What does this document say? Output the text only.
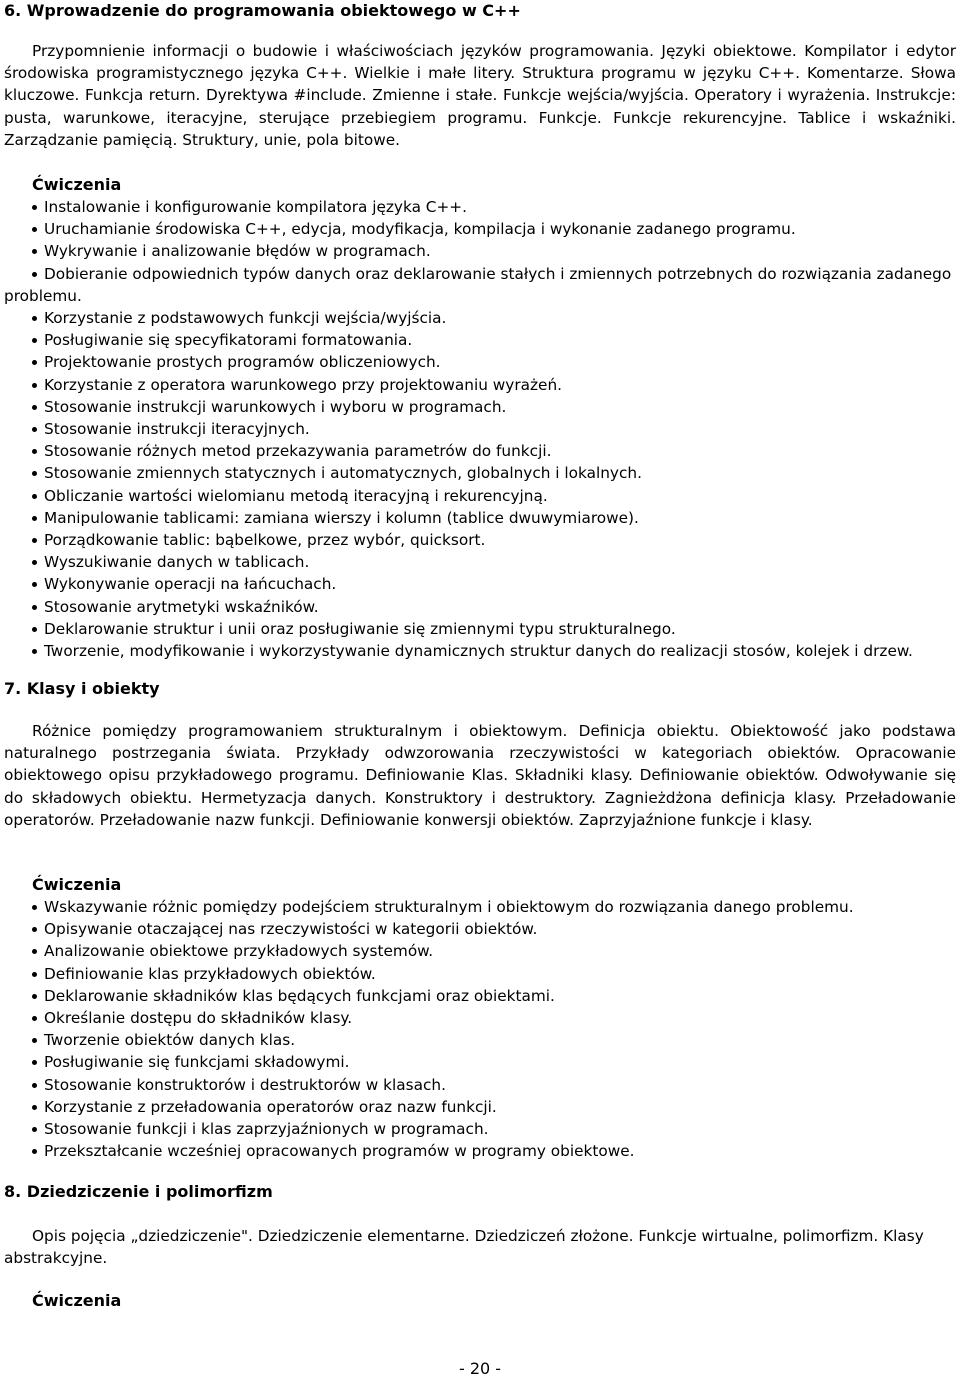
6. Wprowadzenie do programowania obiektowego w C++

Przypomnienie informacji o budowie i właściwościach języków programowania. Języki obiektowe. Kompilator i edytor środowiska programistycznego języka C++. Wielkie i małe litery. Struktura programu w języku C++. Komentarze. Słowa kluczowe. Funkcja return. Dyrektywa #include. Zmienne i stałe. Funkcje wejścia/wyjścia. Operatory i wyrażenia. Instrukcje: pusta, warunkowe, iteracyjne, sterujące przebiegiem programu. Funkcje. Funkcje rekurencyjne. Tablice i wskaźniki. Zarządzanie pamięcią. Struktury, unie, pola bitowe.

Ćwiczenia
Instalowanie i konfigurowanie kompilatora języka C++.
Uruchamianie środowiska C++, edycja, modyfikacja, kompilacja i wykonanie zadanego programu.
Wykrywanie i analizowanie błędów w programach.
Dobieranie odpowiednich typów danych oraz deklarowanie stałych i zmiennych potrzebnych do rozwiązania zadanego problemu.
Korzystanie z podstawowych funkcji wejścia/wyjścia.
Posługiwanie się specyfikatorami formatowania.
Projektowanie prostych programów obliczeniowych.
Korzystanie z operatora warunkowego przy projektowaniu wyrażeń.
Stosowanie instrukcji warunkowych i wyboru w programach.
Stosowanie instrukcji iteracyjnych.
Stosowanie różnych metod przekazywania parametrów do funkcji.
Stosowanie zmiennych statycznych i automatycznych, globalnych i lokalnych.
Obliczanie wartości wielomianu metodą iteracyjną i rekurencyjną.
Manipulowanie tablicami: zamiana wierszy i kolumn (tablice dwuwymiarowe).
Porządkowanie tablic: bąbelkowe, przez wybór, quicksort.
Wyszukiwanie danych w tablicach.
Wykonywanie operacji na łańcuchach.
Stosowanie arytmetyki wskaźników.
Deklarowanie struktur i unii oraz posługiwanie się zmiennymi typu strukturalnego.
Tworzenie, modyfikowanie i wykorzystywanie dynamicznych struktur danych do realizacji stosów, kolejek i drzew.
7. Klasy i obiekty

Różnice pomiędzy programowaniem strukturalnym i obiektowym. Definicja obiektu. Obiektowość jako podstawa naturalnego postrzegania świata. Przykłady odwzorowania rzeczywistości w kategoriach obiektów. Opracowanie obiektowego opisu przykładowego programu. Definiowanie Klas. Składniki klasy. Definiowanie obiektów. Odwoływanie się do składowych obiektu. Hermetyzacja danych. Konstruktory i destruktory. Zagnieżdżona definicja klasy. Przeładowanie operatorów. Przeładowanie nazw funkcji. Definiowanie konwersji obiektów. Zaprzyjaźnione funkcje i klasy.

Ćwiczenia
Wskazywanie różnic pomiędzy podejściem strukturalnym i obiektowym do rozwiązania danego problemu.
Opisywanie otaczającej nas rzeczywistości w kategorii obiektów.
Analizowanie obiektowe przykładowych systemów.
Definiowanie klas przykładowych obiektów.
Deklarowanie składników klas będących funkcjami oraz obiektami.
Określanie dostępu do składników klasy.
Tworzenie obiektów danych klas.
Posługiwanie się funkcjami składowymi.
Stosowanie konstruktorów i destruktorów w klasach.
Korzystanie z przeładowania operatorów oraz nazw funkcji.
Stosowanie funkcji i klas zaprzyjaźnionych w programach.
Przekształcanie wcześniej opracowanych programów w programy obiektowe.
8. Dziedziczenie i polimorfizm

Opis pojęcia „dziedziczenie". Dziedziczenie elementarne. Dziedziczeń złożone. Funkcje wirtualne, polimorfizm. Klasy abstrakcyjne.

Ćwiczenia
- 20 -
